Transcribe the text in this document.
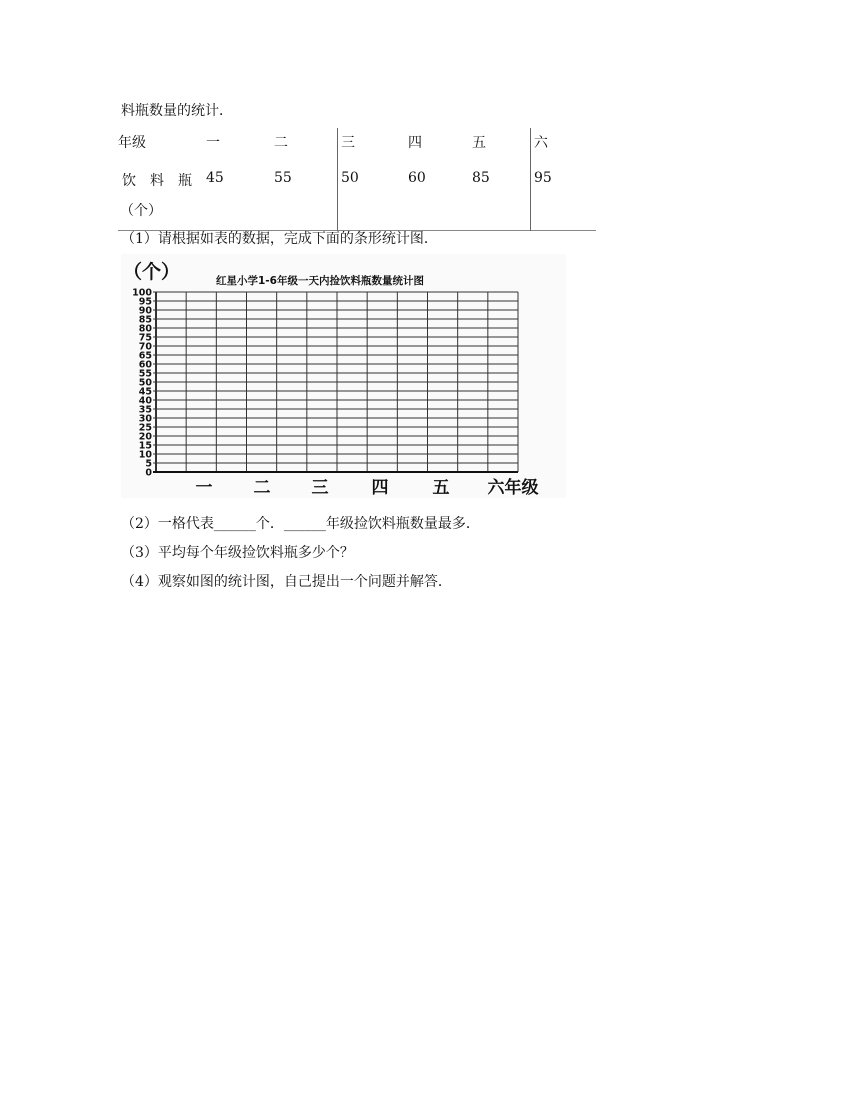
料瓶数量的统计．
年级	一	二	三	四	五	六

饮　料　瓶
（个）	45	55	50	60	85	95
（1）请根据如表的数据，完成下面的条形统计图．
（个）	红星小学1-6年级一天内捡饮料瓶数量统计图
0
5
10
15
20
25
30
35
40
45
50
55
60
65
70
75
80
85
90
95
100
一 二 三	四	五 六年级
（2）一格代表______个．______年级捡饮料瓶数量最多．
（3）平均每个年级捡饮料瓶多少个？
（4）观察如图的统计图，自己提出一个问题并解答．
